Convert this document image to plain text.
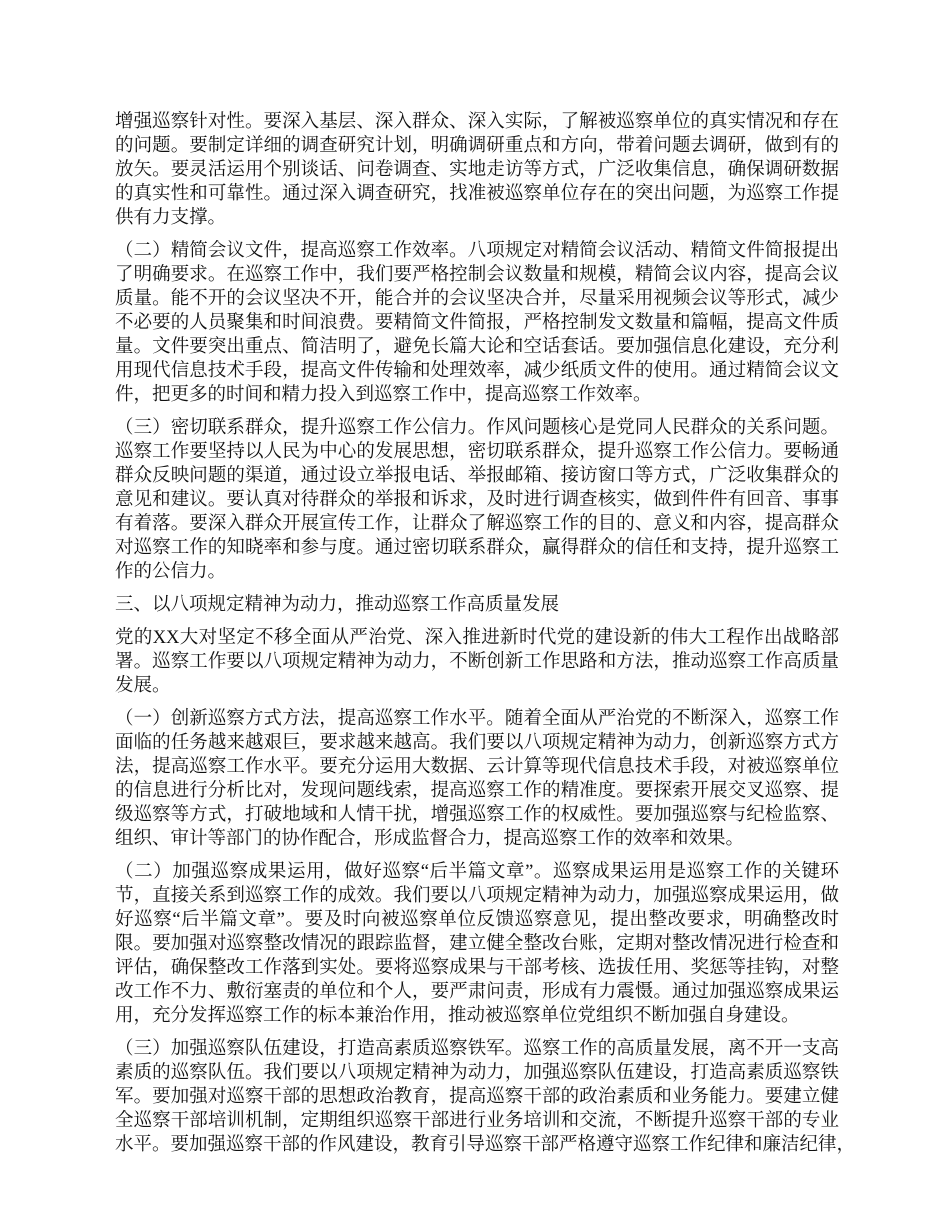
增强巡察针对性。要深入基层、深入群众、深入实际，了解被巡察单位的真实情况和存在
的问题。要制定详细的调查研究计划，明确调研重点和方向，带着问题去调研，做到有的
放矢。要灵活运用个别谈话、问卷调查、实地走访等方式，广泛收集信息，确保调研数据
的真实性和可靠性。通过深入调查研究，找准被巡察单位存在的突出问题，为巡察工作提
供有力支撑。
（二）精简会议文件，提高巡察工作效率。八项规定对精简会议活动、精简文件简报提出
了明确要求。在巡察工作中，我们要严格控制会议数量和规模，精简会议内容，提高会议
质量。能不开的会议坚决不开，能合并的会议坚决合并，尽量采用视频会议等形式，减少
不必要的人员聚集和时间浪费。要精简文件简报，严格控制发文数量和篇幅，提高文件质
量。文件要突出重点、简洁明了，避免长篇大论和空话套话。要加强信息化建设，充分利
用现代信息技术手段，提高文件传输和处理效率，减少纸质文件的使用。通过精简会议文
件，把更多的时间和精力投入到巡察工作中，提高巡察工作效率。
（三）密切联系群众，提升巡察工作公信力。作风问题核心是党同人民群众的关系问题。
巡察工作要坚持以人民为中心的发展思想，密切联系群众，提升巡察工作公信力。要畅通
群众反映问题的渠道，通过设立举报电话、举报邮箱、接访窗口等方式，广泛收集群众的
意见和建议。要认真对待群众的举报和诉求，及时进行调查核实，做到件件有回音、事事
有着落。要深入群众开展宣传工作，让群众了解巡察工作的目的、意义和内容，提高群众
对巡察工作的知晓率和参与度。通过密切联系群众，赢得群众的信任和支持，提升巡察工
作的公信力。
三、以八项规定精神为动力，推动巡察工作高质量发展
党的XX大对坚定不移全面从严治党、深入推进新时代党的建设新的伟大工程作出战略部
署。巡察工作要以八项规定精神为动力，不断创新工作思路和方法，推动巡察工作高质量
发展。
（一）创新巡察方式方法，提高巡察工作水平。随着全面从严治党的不断深入，巡察工作
面临的任务越来越艰巨，要求越来越高。我们要以八项规定精神为动力，创新巡察方式方
法，提高巡察工作水平。要充分运用大数据、云计算等现代信息技术手段，对被巡察单位
的信息进行分析比对，发现问题线索，提高巡察工作的精准度。要探索开展交叉巡察、提
级巡察等方式，打破地域和人情干扰，增强巡察工作的权威性。要加强巡察与纪检监察、
组织、审计等部门的协作配合，形成监督合力，提高巡察工作的效率和效果。
（二）加强巡察成果运用，做好巡察“后半篇文章”。巡察成果运用是巡察工作的关键环
节，直接关系到巡察工作的成效。我们要以八项规定精神为动力，加强巡察成果运用，做
好巡察“后半篇文章”。要及时向被巡察单位反馈巡察意见，提出整改要求，明确整改时
限。要加强对巡察整改情况的跟踪监督，建立健全整改台账，定期对整改情况进行检查和
评估，确保整改工作落到实处。要将巡察成果与干部考核、选拔任用、奖惩等挂钩，对整
改工作不力、敷衍塞责的单位和个人，要严肃问责，形成有力震慑。通过加强巡察成果运
用，充分发挥巡察工作的标本兼治作用，推动被巡察单位党组织不断加强自身建设。
（三）加强巡察队伍建设，打造高素质巡察铁军。巡察工作的高质量发展，离不开一支高
素质的巡察队伍。我们要以八项规定精神为动力，加强巡察队伍建设，打造高素质巡察铁
军。要加强对巡察干部的思想政治教育，提高巡察干部的政治素质和业务能力。要建立健
全巡察干部培训机制，定期组织巡察干部进行业务培训和交流，不断提升巡察干部的专业
水平。要加强巡察干部的作风建设，教育引导巡察干部严格遵守巡察工作纪律和廉洁纪律，
